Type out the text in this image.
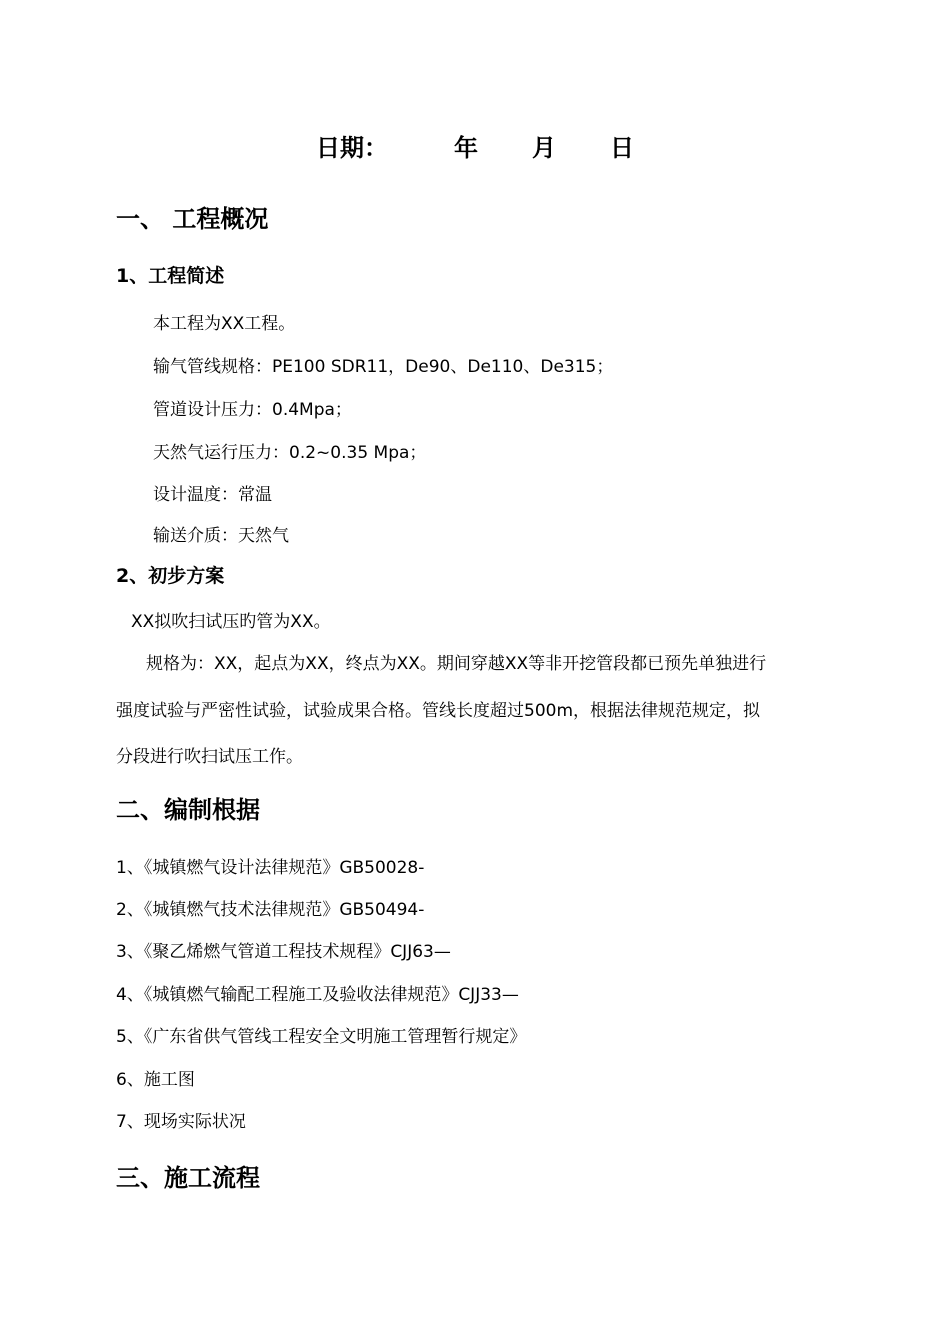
日期：	年 月 日
一、 工程概况
1、工程简述
本工程为XX工程。
输气管线规格：PE100 SDR11，De90、De110、De315；
管道设计压力：0.4Mpa；
天然气运行压力：0.2~0.35 Mpa；
设计温度：常温
输送介质：天然气
2、初步方案
XX拟吹扫试压旳管为XX。
规格为：XX，起点为XX，终点为XX。期间穿越XX等非开挖管段都已预先单独进行
强度试验与严密性试验，试验成果合格。管线长度超过500m，根据法律规范规定，拟
分段进行吹扫试压工作。
二、编制根据
1、《城镇燃气设计法律规范》GB50028-
2、《城镇燃气技术法律规范》GB50494-
3、《聚乙烯燃气管道工程技术规程》CJJ63—
4、《城镇燃气输配工程施工及验收法律规范》CJJ33—
5、《广东省供气管线工程安全文明施工管理暂行规定》
6、施工图
7、现场实际状况
三、施工流程
